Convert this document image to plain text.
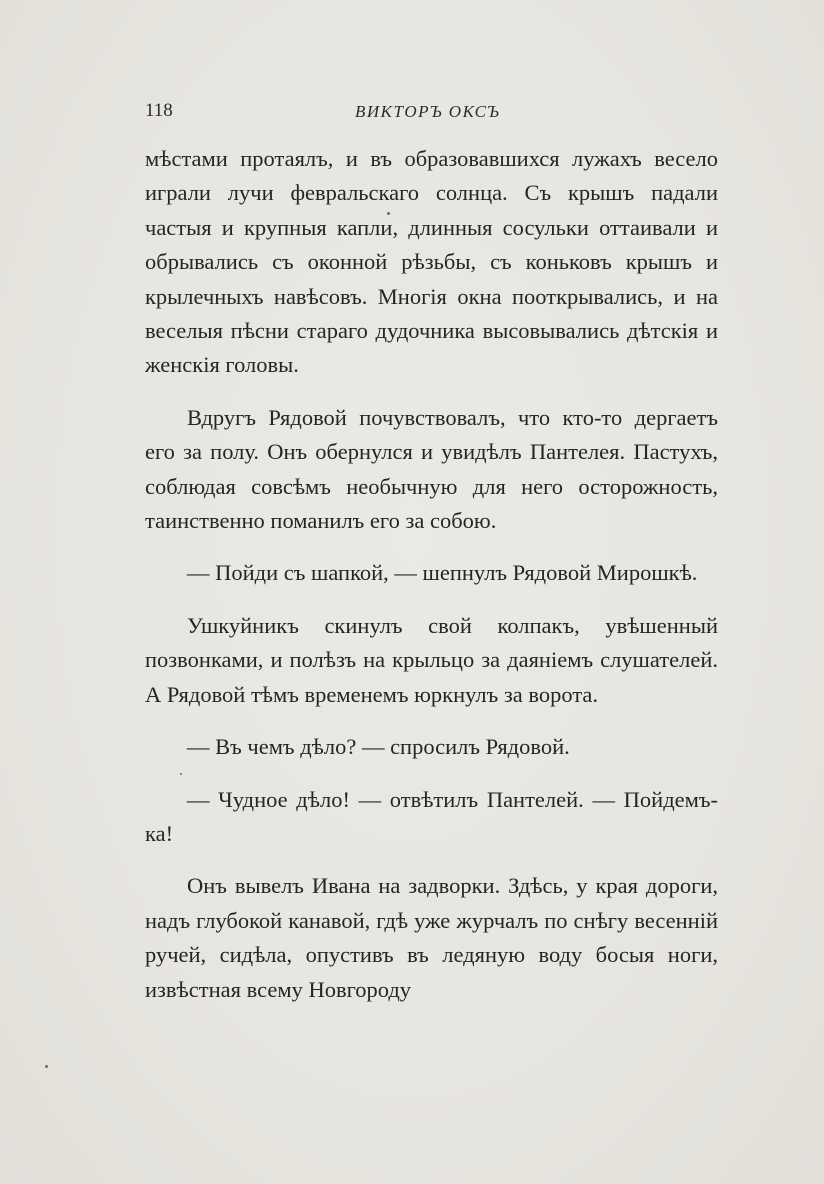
118	ВИКТОРЪ ОКСЪ

мѣстами протаялъ, и въ образовавшихся лужахъ весело играли лучи февральскаго солнца. Съ крышъ падали частыя и крупныя капли, длинныя сосульки оттаивали и обрывались съ оконной рѣзьбы, съ коньковъ крышъ и крылечныхъ навѣсовъ. Многія окна пооткрывались, и на веселыя пѣсни стараго дудочника высовывались дѣтскія и женскія головы.

Вдругъ Рядовой почувствовалъ, что кто-то дергаетъ его за полу. Онъ обернулся и увидѣлъ Пантелея. Пастухъ, соблюдая совсѣмъ необычную для него осторожность, таинственно поманилъ его за собою.

— Пойди съ шапкой, — шепнулъ Рядовой Мирошкѣ.

Ушкуйникъ скинулъ свой колпакъ, увѣшенный позвонками, и полѣзъ на крыльцо за даяніемъ слушателей. А Рядовой тѣмъ временемъ юркнулъ за ворота.

— Въ чемъ дѣло? — спросилъ Рядовой.

— Чудное дѣло! — отвѣтилъ Пантелей. — Пойдемъ-ка!

Онъ вывелъ Ивана на задворки. Здѣсь, у края дороги, надъ глубокой канавой, гдѣ уже журчалъ по снѣгу весенній ручей, сидѣла, опустивъ въ ледяную воду босыя ноги, извѣстная всему Новгороду
